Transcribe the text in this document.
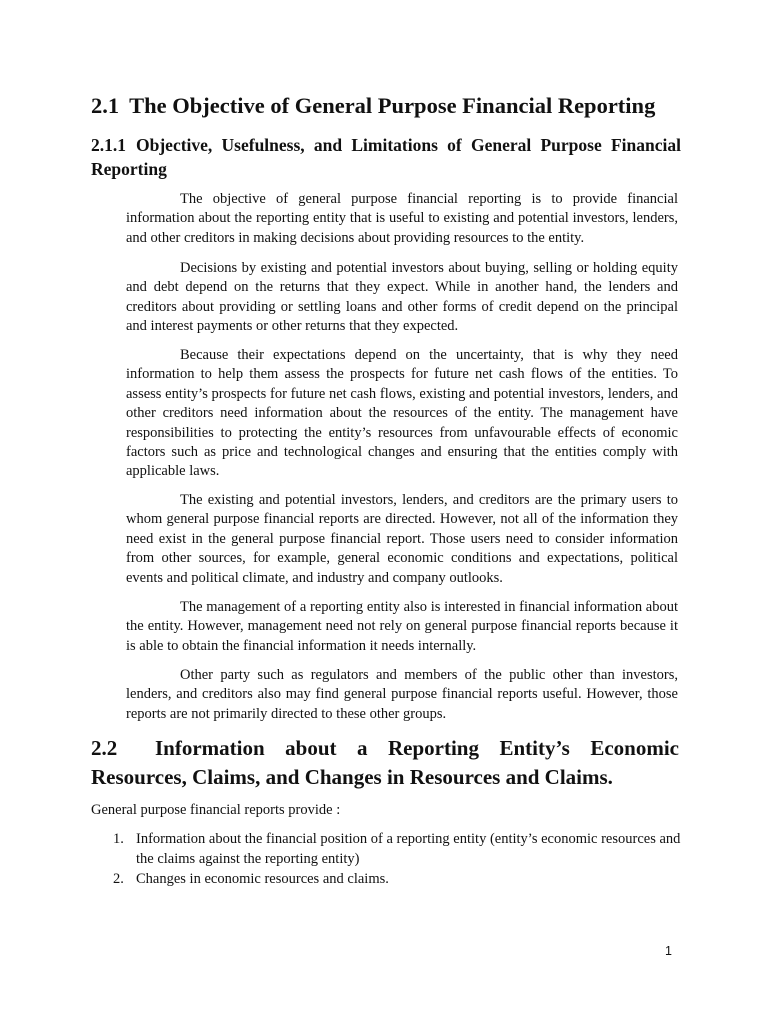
2.1 The Objective of General Purpose Financial Reporting
2.1.1 Objective, Usefulness, and Limitations of General Purpose Financial Reporting

The objective of general purpose financial reporting is to provide financial information about the reporting entity that is useful to existing and potential investors, lenders, and other creditors in making decisions about providing resources to the entity.

Decisions by existing and potential investors about buying, selling or holding equity and debt depend on the returns that they expect. While in another hand, the lenders and creditors about providing or settling loans and other forms of credit depend on the principal and interest payments or other returns that they expected.

Because their expectations depend on the uncertainty, that is why they need information to help them assess the prospects for future net cash flows of the entities. To assess entity’s prospects for future net cash flows, existing and potential investors, lenders, and other creditors need information about the resources of the entity. The management have responsibilities to protecting the entity’s resources from unfavourable effects of economic factors such as price and technological changes and ensuring that the entities comply with applicable laws.

The existing and potential investors, lenders, and creditors are the primary users to whom general purpose financial reports are directed. However, not all of the information they need exist in the general purpose financial report. Those users need to consider information from other sources, for example, general economic conditions and expectations, political events and political climate, and industry and company outlooks.

The management of a reporting entity also is interested in financial information about the entity. However, management need not rely on general purpose financial reports because it is able to obtain the financial information it needs internally.

Other party such as regulators and members of the public other than investors, lenders, and creditors also may find general purpose financial reports useful. However, those reports are not primarily directed to these other groups.

2.2 Information about a Reporting Entity’s Economic Resources, Claims, and Changes in Resources and Claims.

General purpose financial reports provide :

1. Information about the financial position of a reporting entity (entity’s economic resources and the claims against the reporting entity)
2. Changes in economic resources and claims.
1
